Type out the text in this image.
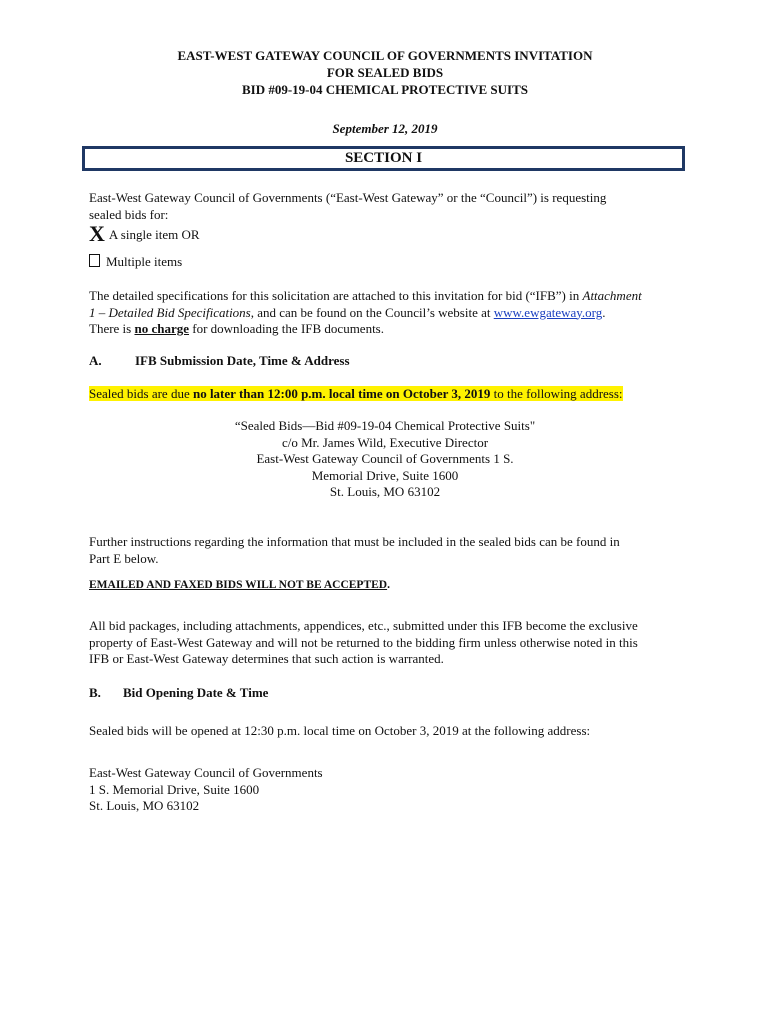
EAST-WEST GATEWAY COUNCIL OF GOVERNMENTS INVITATION
FOR SEALED BIDS
BID #09-19-04 CHEMICAL PROTECTIVE SUITS
September 12, 2019
SECTION I
East-West Gateway Council of Governments (“East-West Gateway” or the “Council”) is requesting
sealed bids for:
X A single item OR
Multiple items
The detailed specifications for this solicitation are attached to this invitation for bid (“IFB”) in Attachment
1 – Detailed Bid Specifications, and can be found on the Council’s website at www.ewgateway.org.
There is no charge for downloading the IFB documents.
A.	IFB Submission Date, Time & Address
Sealed bids are due no later than 12:00 p.m. local time on October 3, 2019 to the following address:
“Sealed Bids—Bid #09-19-04 Chemical Protective Suits"
c/o Mr. James Wild, Executive Director
East-West Gateway Council of Governments 1 S.
Memorial Drive, Suite 1600
St. Louis, MO 63102
Further instructions regarding the information that must be included in the sealed bids can be found in
Part E below.
EMAILED AND FAXED BIDS WILL NOT BE ACCEPTED.
All bid packages, including attachments, appendices, etc., submitted under this IFB become the exclusive
property of East-West Gateway and will not be returned to the bidding firm unless otherwise noted in this
IFB or East-West Gateway determines that such action is warranted.
B. Bid Opening Date & Time
Sealed bids will be opened at 12:30 p.m. local time on October 3, 2019 at the following address:
East-West Gateway Council of Governments
1 S. Memorial Drive, Suite 1600
St. Louis, MO 63102
